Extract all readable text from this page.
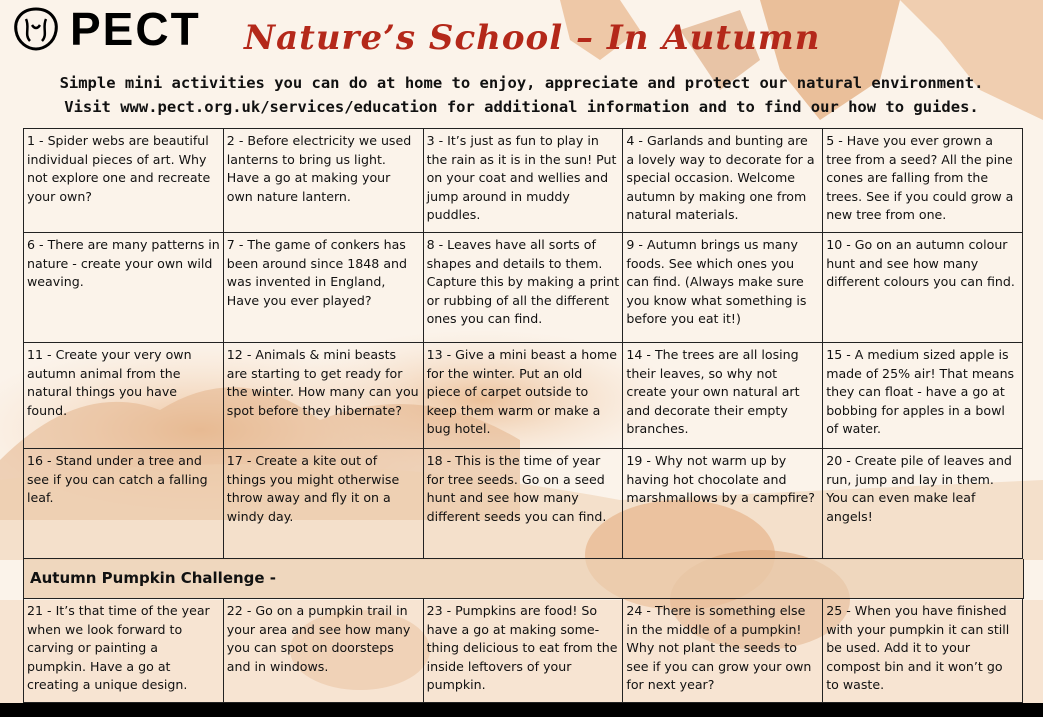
PECT Nature’s School – In Autumn
Simple mini activities you can do at home to enjoy, appreciate and protect our natural environment.
Visit www.pect.org.uk/services/education for additional information and to find our how to guides.
1 - Spider webs are beautiful individual pieces of art. Why not explore one and recreate your own?
2 - Before electricity we used lanterns to bring us light. Have a go at making your own nature lantern.
3 - It’s just as fun to play in the rain as it is in the sun! Put on your coat and wellies and jump around in muddy puddles.
4 - Garlands and bunting are a lovely way to decorate for a special occasion. Welcome autumn by making one from natural materials.
5 - Have you ever grown a tree from a seed? All the pine cones are falling from the trees. See if you could grow a new tree from one.
6 - There are many patterns in nature - create your own wild weaving.
7 - The game of conkers has been around since 1848 and was invented in England, Have you ever played?
8 - Leaves have all sorts of shapes and details to them. Capture this by making a print or rubbing of all the different ones you can find.
9 - Autumn brings us many foods. See which ones you can find. (Always make sure you know what something is before you eat it!)
10 - Go on an autumn colour hunt and see how many different colours you can find.
11 - Create your very own autumn animal from the natural things you have found.
12 - Animals & mini beasts are starting to get ready for the winter. How many can you spot before they hibernate?
13 - Give a mini beast a home for the winter. Put an old piece of carpet outside to keep them warm or make a bug hotel.
14 - The trees are all losing their leaves, so why not create your own natural art and decorate their empty branches.
15 - A medium sized apple is made of 25% air! That means they can float - have a go at bobbing for apples in a bowl of water.
16 - Stand under a tree and see if you can catch a falling leaf.
17 - Create a kite out of things you might otherwise throw away and fly it on a windy day.
18 - This is the time of year for tree seeds. Go on a seed hunt and see how many different seeds you can find.
19 - Why not warm up by having hot chocolate and marshmallows by a campfire?
20 - Create pile of leaves and run, jump and lay in them. You can even make leaf angels!
Autumn Pumpkin Challenge -
21 - It’s that time of the year when we look forward to carving or painting a pumpkin. Have a go at creating a unique design.
22 - Go on a pumpkin trail in your area and see how many you can spot on doorsteps and in windows.
23 - Pumpkins are food! So have a go at making some-thing delicious to eat from the inside leftovers of your pumpkin.
24 - There is something else in the middle of a pumpkin! Why not plant the seeds to see if you can grow your own for next year?
25 - When you have finished with your pumpkin it can still be used. Add it to your compost bin and it won’t go to waste.
